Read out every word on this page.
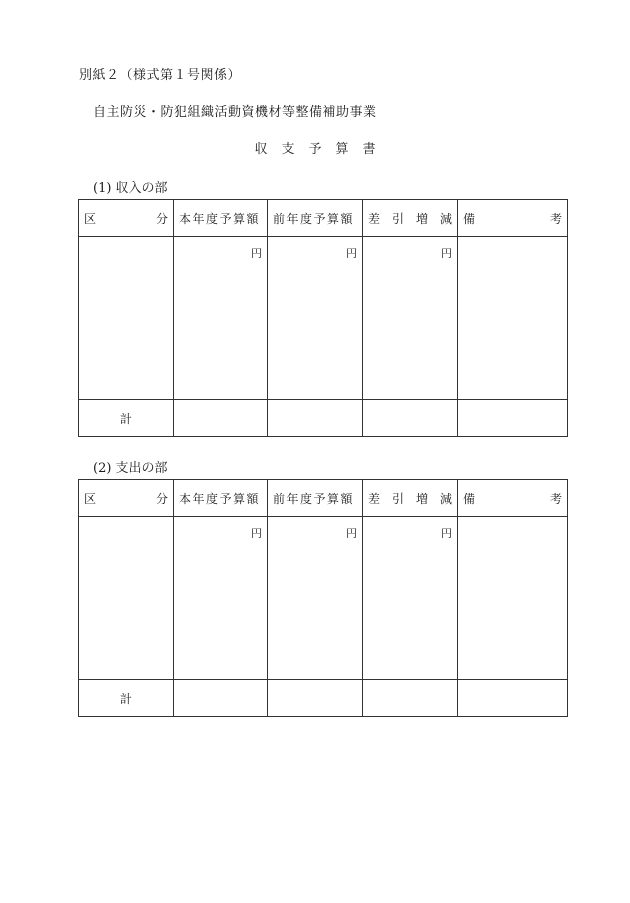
別紙２（様式第１号関係）
自主防災・防犯組織活動資機材等整備補助事業
収 支 予 算 書
(1) 収入の部
区 分	本年度予算額	前年度予算額	差 引 増 減	備 考

	円	円	円	

計				

(2) 支出の部
区 分	本年度予算額	前年度予算額	差 引 増 減	備 考

	円	円	円	

計				
